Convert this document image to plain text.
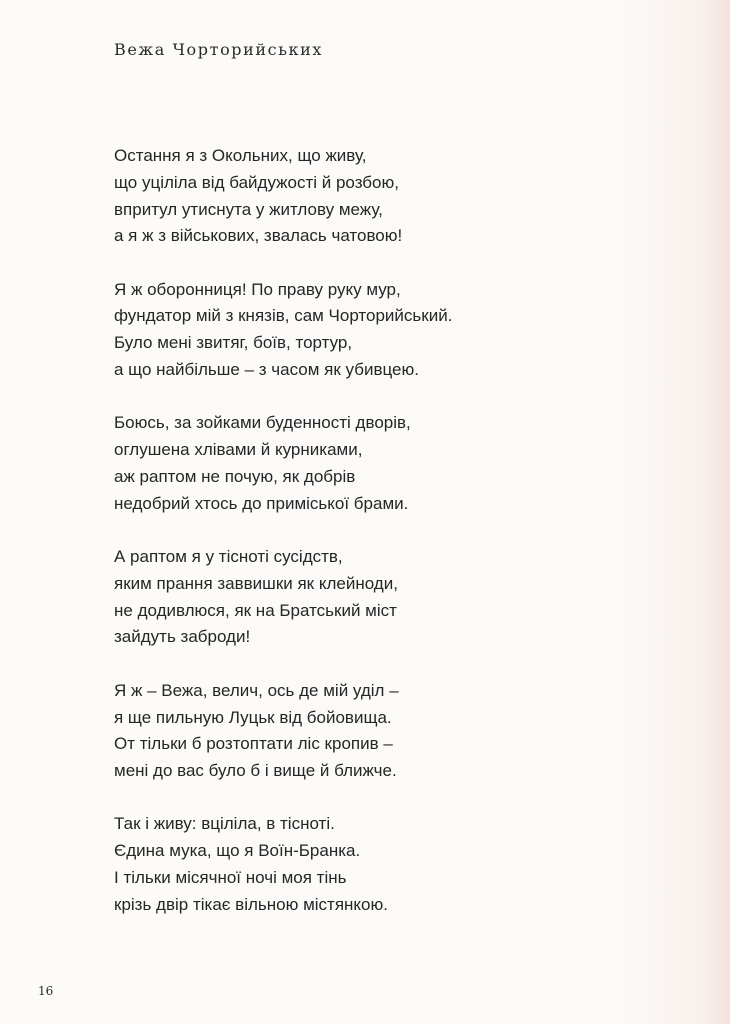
Вежа Чорторийських
Остання я з Окольних, що живу,
що уціліла від байдужості й розбою,
впритул утиснута у житлову межу,
а я ж з військових, звалась чатовою!
Я ж оборонниця! По праву руку мур,
фундатор мій з князів, сам Чорторийський.
Було мені звитяг, боїв, тортур,
а що найбільше – з часом як убивцею.
Боюсь, за зойками буденності дворів,
оглушена хлівами й курниками,
аж раптом не почую, як добрів
недобрий хтось до приміської брами.
А раптом я у тісноті сусідств,
яким прання заввишки як клейноди,
не додивлюся, як на Братський міст
зайдуть заброди!
Я ж – Вежа, велич, ось де мій уділ –
я ще пильную Луцьк від бойовища.
От тільки б розтоптати ліс кропив –
мені до вас було б і вище й ближче.
Так і живу: вціліла, в тісноті.
Єдина мука, що я Воїн-Бранка.
І тільки місячної ночі моя тінь
крізь двір тікає вільною містянкою.
16
